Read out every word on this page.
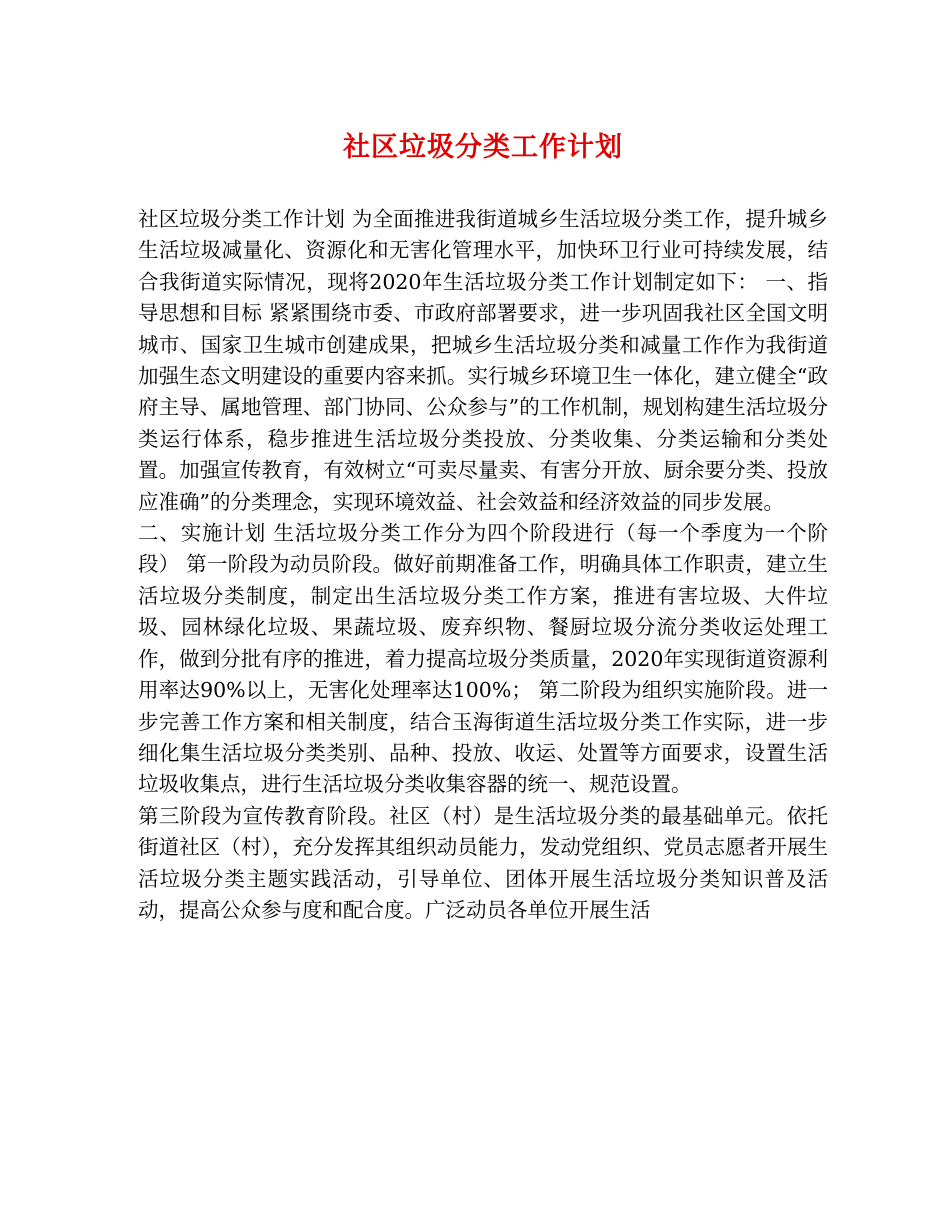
社区垃圾分类工作计划

社区垃圾分类工作计划 为全面推进我街道城乡生活垃圾分类工作，提升城乡生活垃圾减量化、资源化和无害化管理水平，加快环卫行业可持续发展，结合我街道实际情况，现将2020年生活垃圾分类工作计划制定如下： 一、指导思想和目标 紧紧围绕市委、市政府部署要求，进一步巩固我社区全国文明城市、国家卫生城市创建成果，把城乡生活垃圾分类和减量工作作为我街道加强生态文明建设的重要内容来抓。实行城乡环境卫生一体化，建立健全“政府主导、属地管理、部门协同、公众参与”的工作机制，规划构建生活垃圾分类运行体系，稳步推进生活垃圾分类投放、分类收集、分类运输和分类处置。加强宣传教育，有效树立“可卖尽量卖、有害分开放、厨余要分类、投放应准确”的分类理念，实现环境效益、社会效益和经济效益的同步发展。

二、实施计划 生活垃圾分类工作分为四个阶段进行（每一个季度为一个阶段） 第一阶段为动员阶段。做好前期准备工作，明确具体工作职责，建立生活垃圾分类制度，制定出生活垃圾分类工作方案，推进有害垃圾、大件垃圾、园林绿化垃圾、果蔬垃圾、废弃织物、餐厨垃圾分流分类收运处理工作，做到分批有序的推进，着力提高垃圾分类质量，2020年实现街道资源利用率达90%以上，无害化处理率达100%； 第二阶段为组织实施阶段。进一步完善工作方案和相关制度，结合玉海街道生活垃圾分类工作实际，进一步细化集生活垃圾分类类别、品种、投放、收运、处置等方面要求，设置生活垃圾收集点，进行生活垃圾分类收集容器的统一、规范设置。

第三阶段为宣传教育阶段。社区（村）是生活垃圾分类的最基础单元。依托街道社区（村），充分发挥其组织动员能力，发动党组织、党员志愿者开展生活垃圾分类主题实践活动，引导单位、团体开展生活垃圾分类知识普及活动，提高公众参与度和配合度。广泛动员各单位开展生活
